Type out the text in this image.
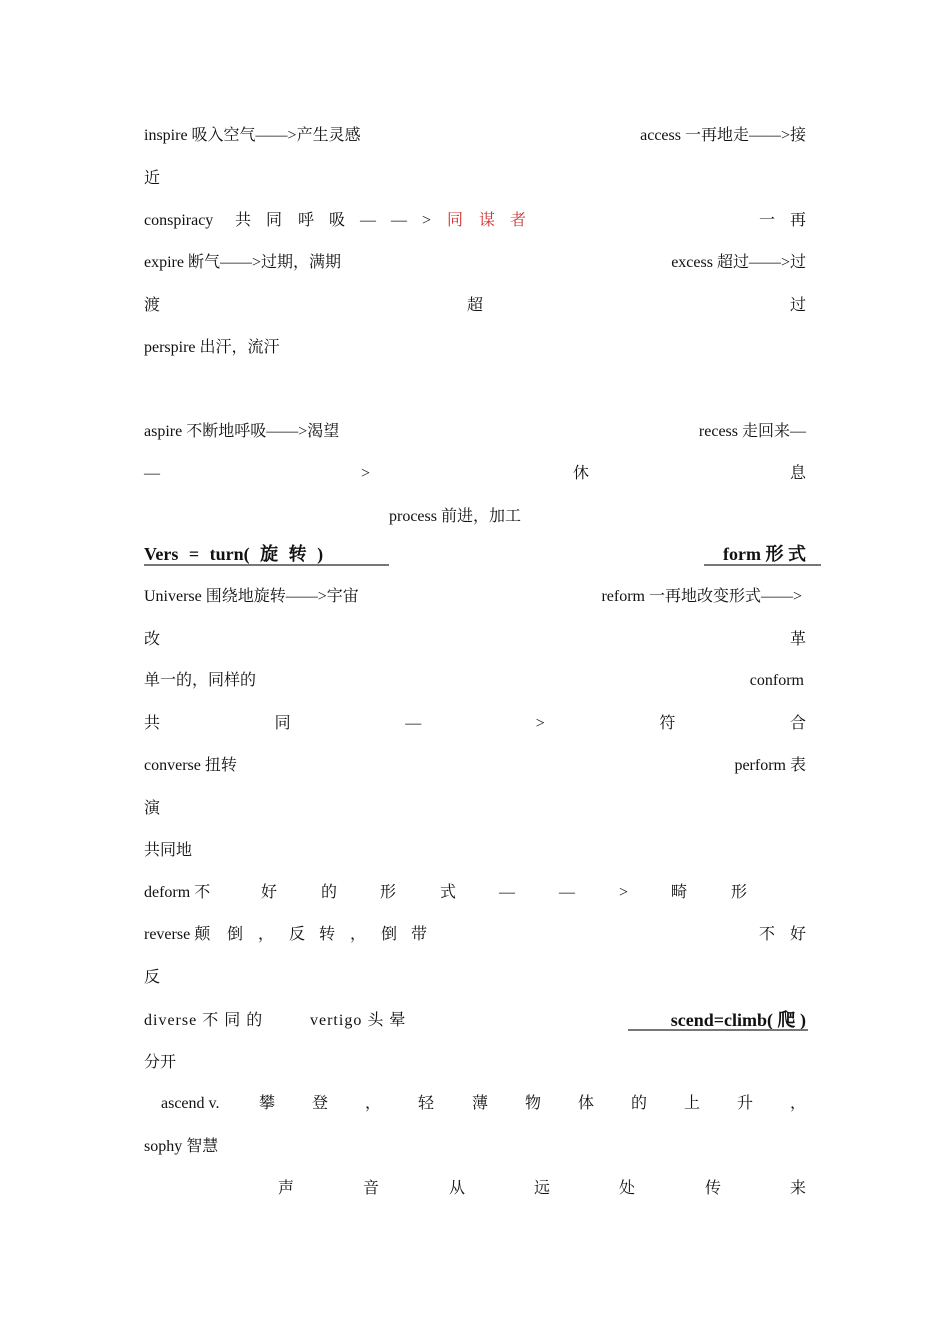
inspire 吸入空气——>产生灵感	access 一再地走——>接
近
conspiracy 共 同 呼 吸 — — > 同 谋 者	一 再
expire 断气——>过期，满期	excess 超过——>过
渡	超	过
perspire 出汗，流汗
aspire 不断地呼吸——>渴望	recess 走回来—
—	>	休	息
process 前进，加工
Vers = turn( 旋 转 )	form 形 式
Universe 围绕地旋转——>宇宙	reform 一再地改变形式——>
改	革
单一的，同样的	conform
共	同	—	>	符	合
converse 扭转	perform 表
演
共同地
deform 不	好	的	形	式	—	—	>	畸	形
reverse 颠 倒 ， 反 转 ， 倒 带	不 好
反
diverse 不 同 的	vertigo 头 晕	scend=climb( 爬 )
分开
ascend v. 攀 登 ， 轻 薄 物 体 的 上 升 ，
sophy 智慧
声	音	从	远	处	传	来
